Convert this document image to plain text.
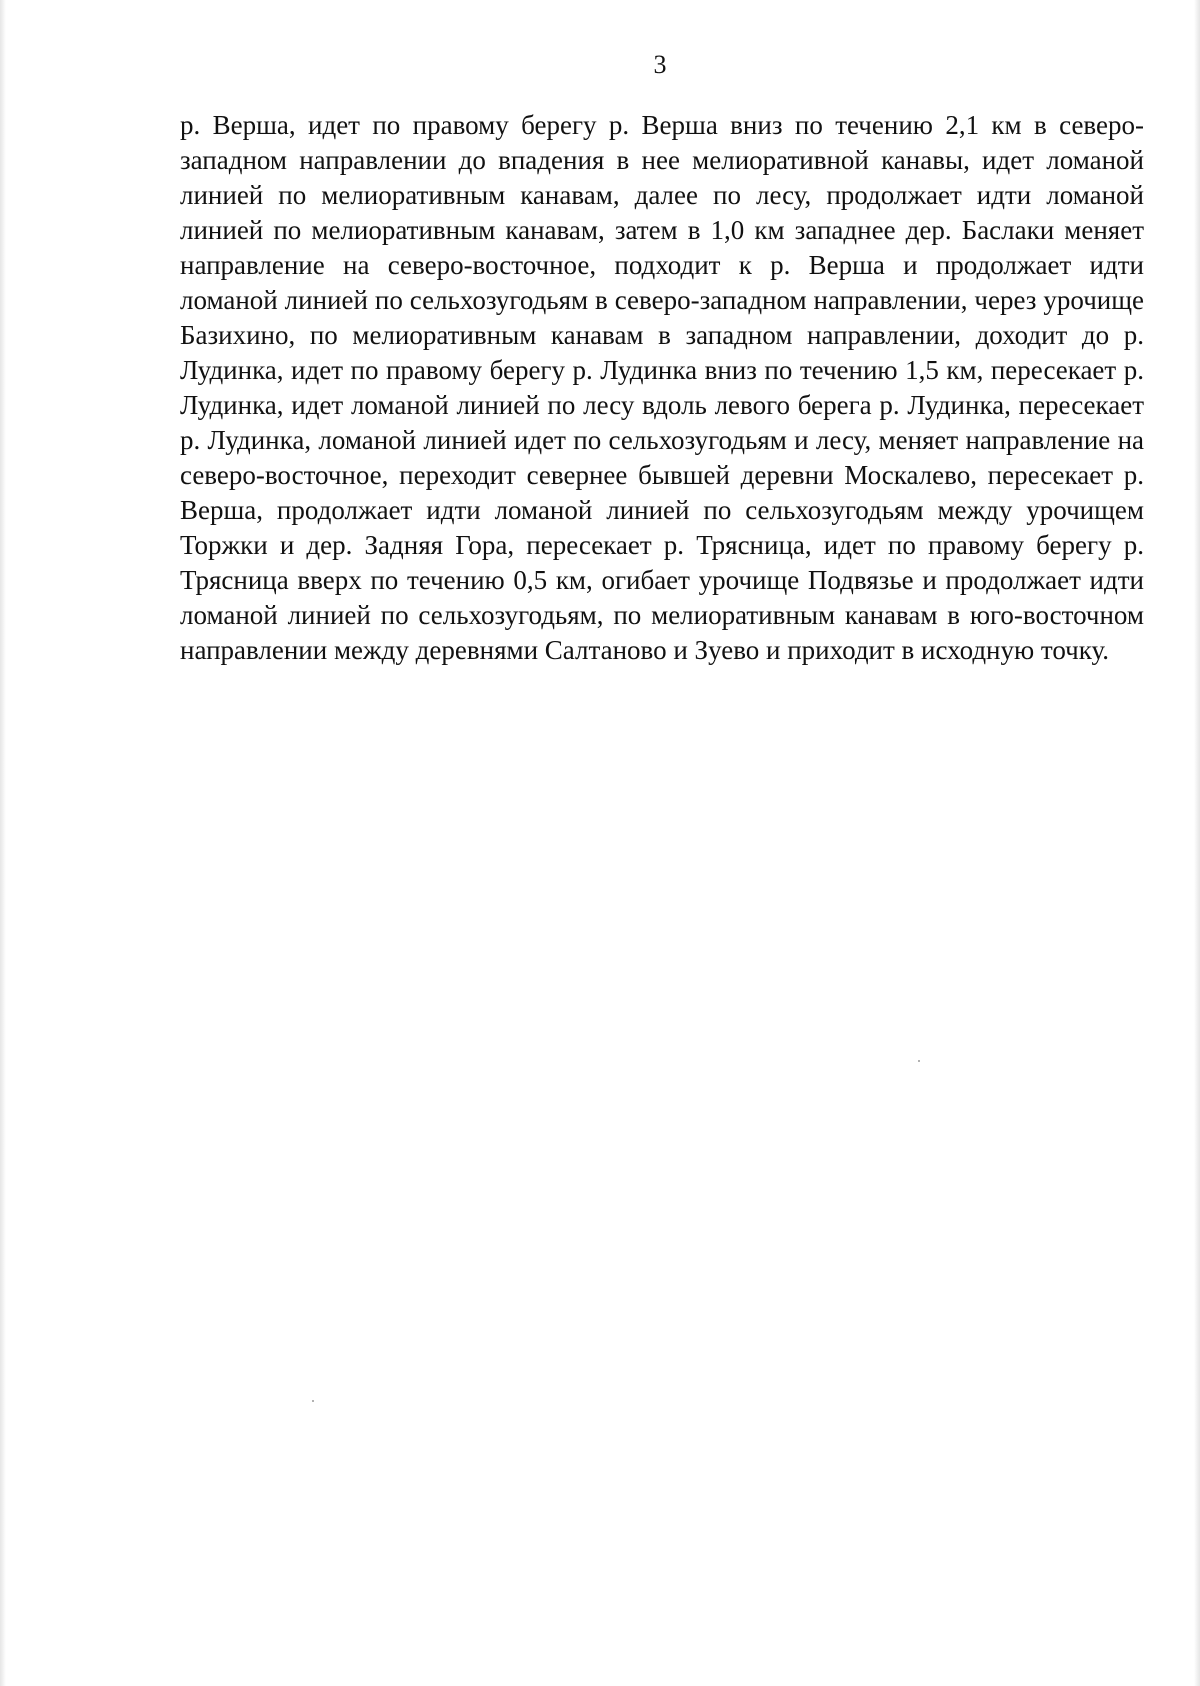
3

р. Верша, идет по правому берегу р. Верша вниз по течению 2,1 км в северо-западном направлении до впадения в нее мелиоративной канавы, идет ломаной линией по мелиоративным канавам, далее по лесу, продолжает идти ломаной линией по мелиоративным канавам, затем в 1,0 км западнее дер. Баслаки меняет направление на северо-восточное, подходит к р. Верша и продолжает идти ломаной линией по сельхозугодьям в северо-западном направлении, через урочище Базихино, по мелиоративным канавам в западном направлении, доходит до р. Лудинка, идет по правому берегу р. Лудинка вниз по течению 1,5 км, пересекает р. Лудинка, идет ломаной линией по лесу вдоль левого берега р. Лудинка, пересекает р. Лудинка, ломаной линией идет по сельхозугодьям и лесу, меняет направление на северо-восточное, переходит севернее бывшей деревни Москалево, пересекает р. Верша, продолжает идти ломаной линией по сельхозугодьям между урочищем Торжки и дер. Задняя Гора, пересекает р. Трясница, идет по правому берегу р. Трясница вверх по течению 0,5 км, огибает урочище Подвязье и продолжает идти ломаной линией по сельхозугодьям, по мелиоративным канавам в юго-восточном направлении между деревнями Салтаново и Зуево и приходит в исходную точку.
